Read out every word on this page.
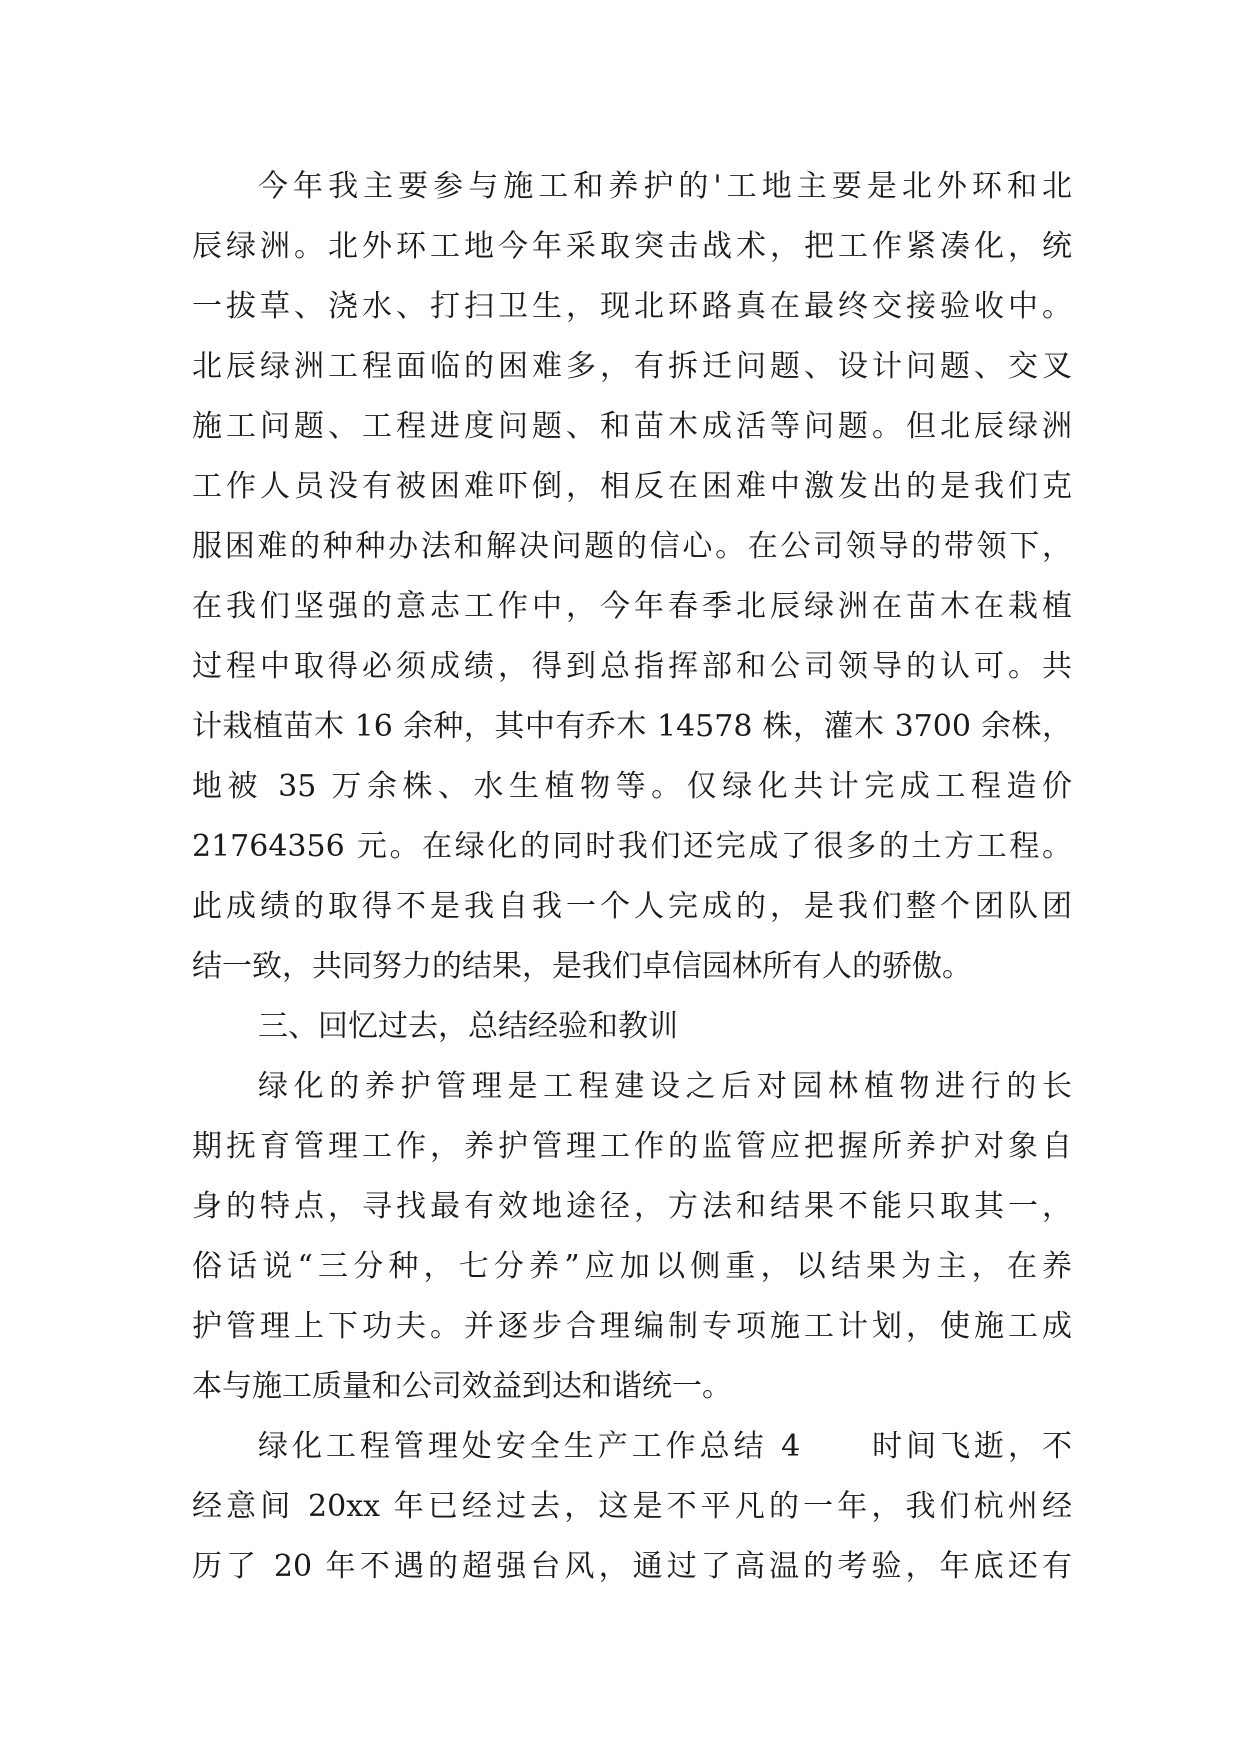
今年我主要参与施工和养护的'工地主要是北外环和北
辰绿洲。北外环工地今年采取突击战术，把工作紧凑化，统
一拔草、浇水、打扫卫生，现北环路真在最终交接验收中。
北辰绿洲工程面临的困难多，有拆迁问题、设计问题、交叉
施工问题、工程进度问题、和苗木成活等问题。但北辰绿洲
工作人员没有被困难吓倒，相反在困难中激发出的是我们克
服困难的种种办法和解决问题的信心。在公司领导的带领下，
在我们坚强的意志工作中，今年春季北辰绿洲在苗木在栽植
过程中取得必须成绩，得到总指挥部和公司领导的认可。共
计栽植苗木 16 余种，其中有乔木 14578 株，灌木 3700 余株，
地被 35 万余株、水生植物等。仅绿化共计完成工程造价
21764356 元。在绿化的同时我们还完成了很多的土方工程。
此成绩的取得不是我自我一个人完成的，是我们整个团队团
结一致，共同努力的结果，是我们卓信园林所有人的骄傲。
三、回忆过去，总结经验和教训
绿化的养护管理是工程建设之后对园林植物进行的长
期抚育管理工作，养护管理工作的监管应把握所养护对象自
身的特点，寻找最有效地途径，方法和结果不能只取其一，
俗话说“三分种，七分养”应加以侧重，以结果为主，在养
护管理上下功夫。并逐步合理编制专项施工计划，使施工成
本与施工质量和公司效益到达和谐统一。
绿化工程管理处安全生产工作总结 4　　时间飞逝，不
经意间 20xx 年已经过去，这是不平凡的一年，我们杭州经
历了 20 年不遇的超强台风，通过了高温的考验，年底还有
